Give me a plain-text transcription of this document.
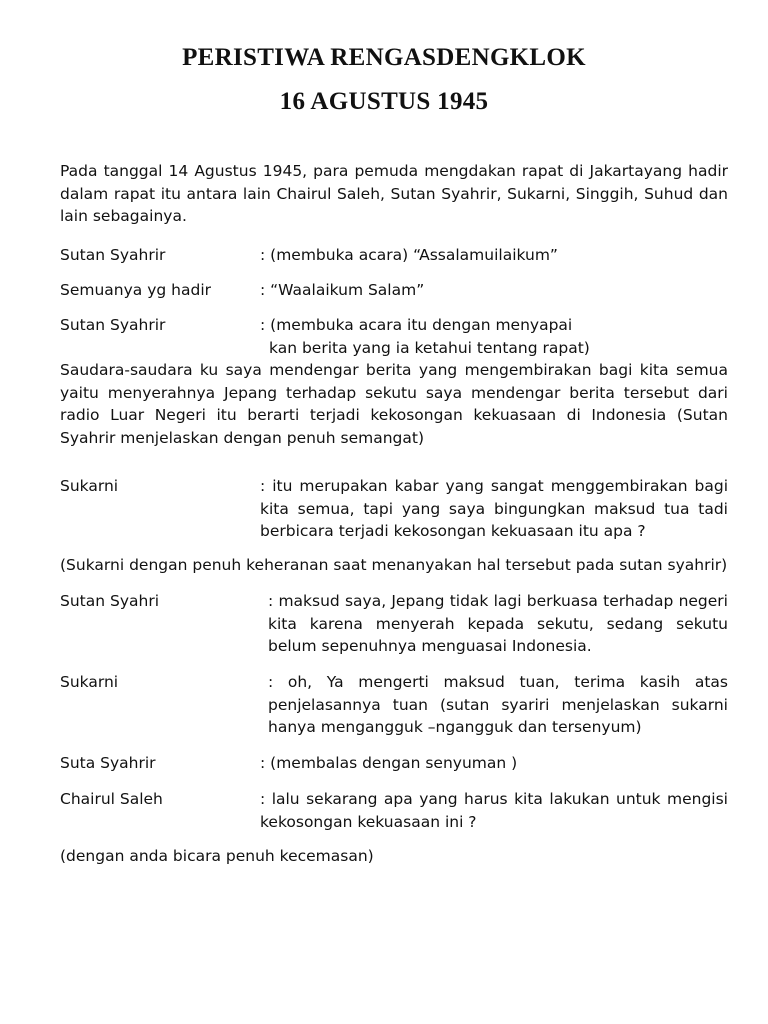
PERISTIWA RENGASDENGKLOK
16 AGUSTUS 1945

Pada tanggal 14 Agustus 1945, para pemuda mengdakan rapat di Jakartayang hadir dalam rapat itu antara lain Chairul Saleh, Sutan Syahrir, Sukarni, Singgih, Suhud dan lain sebagainya.

Sutan Syahrir	: (membuka acara) “Assalamuilaikum”
Semuanya yg hadir	: “Waalaikum Salam”
Sutan Syahrir	: (membuka acara itu dengan menyapai
kan berita yang ia ketahui tentang rapat)

Saudara-saudara ku saya mendengar berita yang mengembirakan bagi kita semua yaitu menyerahnya Jepang terhadap sekutu saya mendengar berita tersebut dari radio Luar Negeri itu berarti terjadi kekosongan kekuasaan di Indonesia (Sutan Syahrir menjelaskan dengan penuh semangat)

Sukarni	: itu merupakan kabar yang sangat menggembirakan bagi kita semua, tapi yang saya bingungkan maksud tua tadi berbicara terjadi kekosongan kekuasaan itu apa ?

(Sukarni dengan penuh keheranan saat menanyakan hal tersebut pada sutan syahrir)

Sutan Syahri	: maksud saya, Jepang tidak lagi berkuasa terhadap negeri kita karena menyerah kepada sekutu, sedang sekutu belum sepenuhnya menguasai Indonesia.
Sukarni	: oh, Ya mengerti maksud tuan, terima kasih atas penjelasannya tuan (sutan syariri menjelaskan sukarni hanya mengangguk –ngangguk dan tersenyum)
Suta Syahrir	: (membalas dengan senyuman )
Chairul Saleh	: lalu sekarang apa yang harus kita lakukan untuk mengisi kekosongan kekuasaan ini ?

(dengan anda bicara penuh kecemasan)
